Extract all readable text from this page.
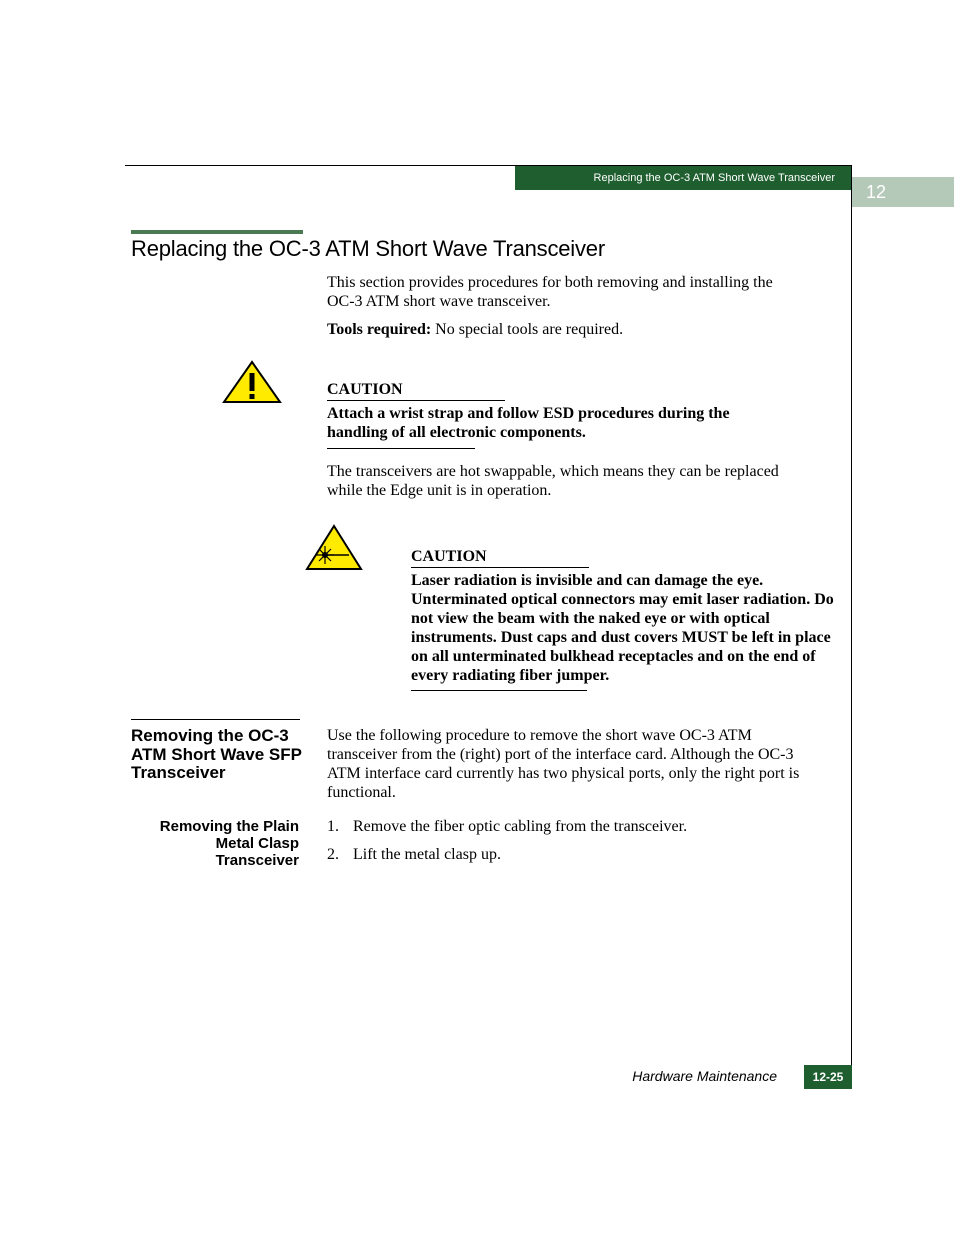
Replacing the OC-3 ATM Short Wave Transceiver
12
Replacing the OC-3 ATM Short Wave Transceiver
This section provides procedures for both removing and installing the OC-3 ATM short wave transceiver.
Tools required: No special tools are required.
CAUTION
Attach a wrist strap and follow ESD procedures during the handling of all electronic components.
The transceivers are hot swappable, which means they can be replaced while the Edge unit is in operation.
CAUTION
Laser radiation is invisible and can damage the eye. Unterminated optical connectors may emit laser radiation. Do not view the beam with the naked eye or with optical instruments. Dust caps and dust covers MUST be left in place on all unterminated bulkhead receptacles and on the end of every radiating fiber jumper.
Removing the OC-3 ATM Short Wave SFP Transceiver
Use the following procedure to remove the short wave OC-3 ATM transceiver from the (right) port of the interface card. Although the OC-3 ATM interface card currently has two physical ports, only the right port is functional.
Removing the Plain Metal Clasp Transceiver
1. Remove the fiber optic cabling from the transceiver.
2. Lift the metal clasp up.
Hardware Maintenance	12-25
